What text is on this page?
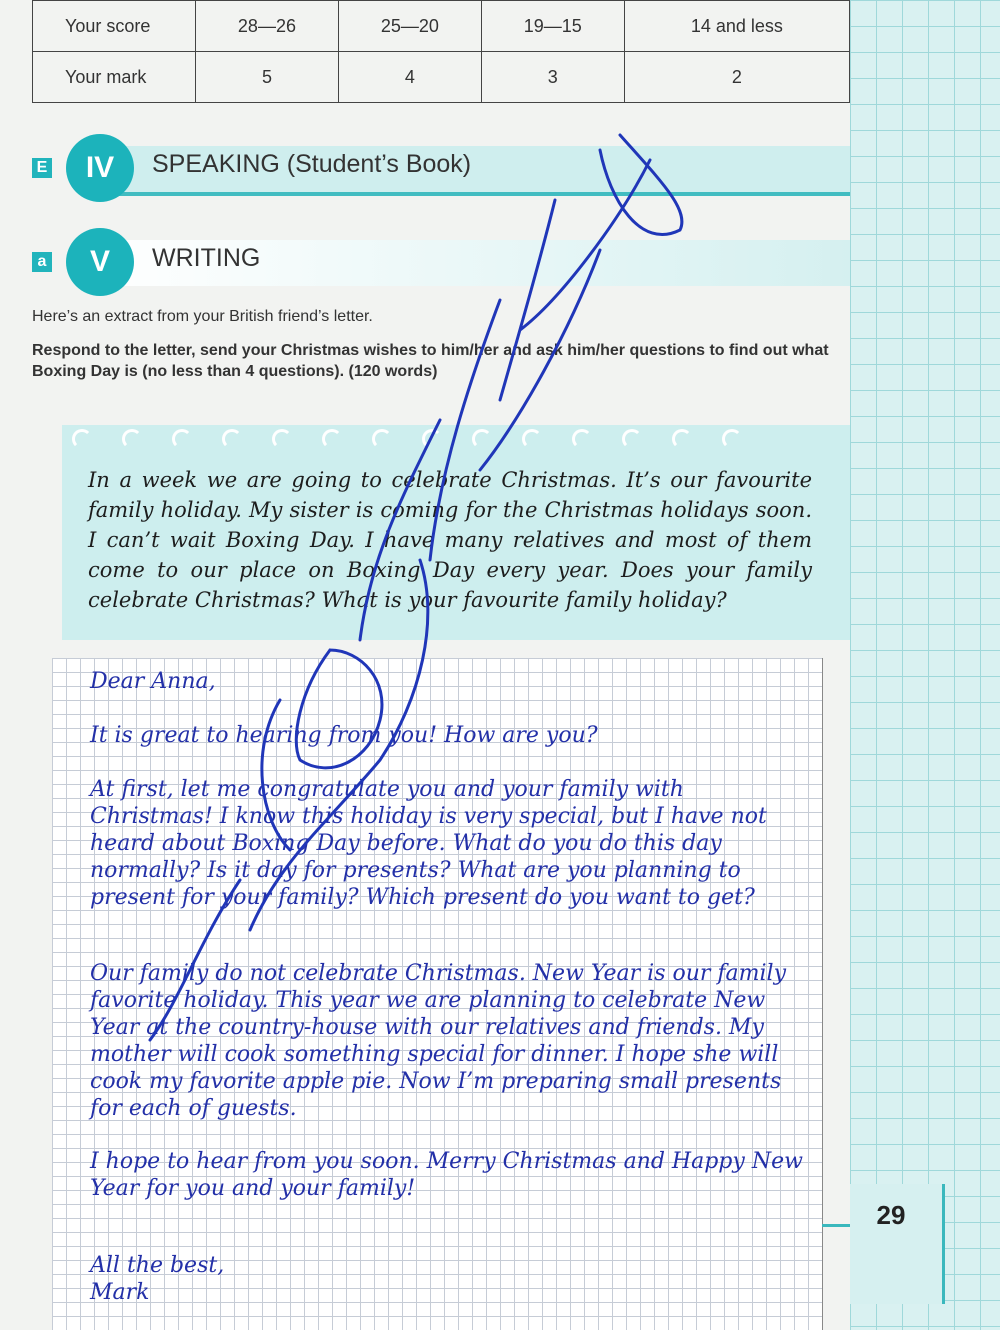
Your score	28—26	25—20	19—15	14 and less
Your mark	5	4	3	2
E	IV	SPEAKING (Student’s Book)
a	V	WRITING
Here’s an extract from your British friend’s letter.
Respond to the letter, send your Christmas wishes to him/her and ask him/her questions to find out what Boxing Day is (no less than 4 questions). (120 words)
In a week we are going to celebrate Christmas. It’s our favourite family holiday. My sister is coming for the Christmas holidays soon. I can’t wait Boxing Day. I have many relatives and most of them come to our place on Boxing Day every year. Does your family celebrate Christmas? What is your favourite family holiday?
Dear Anna,
It is great to hearing from you! How are you?
At first, let me congratulate you and your family with Christmas! I know this holiday is very special, but I have not heard about Boxing Day before. What do you do this day normally? Is it day for presents? What are you planning to present for your family? Which present do you want to get?
Our family do not celebrate Christmas. New Year is our family favorite holiday. This year we are planning to celebrate New Year at the country-house with our relatives and friends. My mother will cook something special for dinner. I hope she will cook my favorite apple pie. Now I’m preparing small presents for each of guests.
I hope to hear from you soon. Merry Christmas and Happy New Year for you and your family!
All the best,
Mark
29
